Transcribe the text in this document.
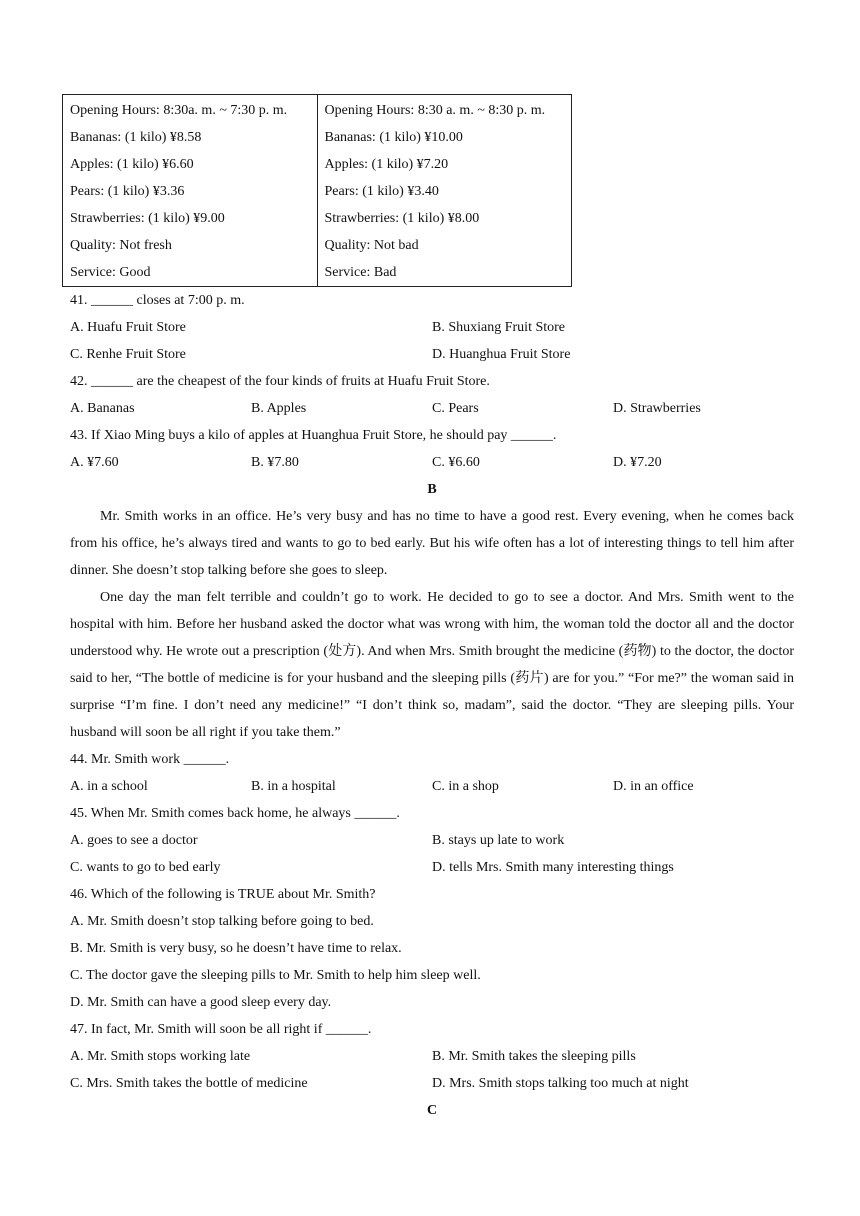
Opening Hours: 8:30a. m. ~ 7:30 p. m.
Bananas: (1 kilo) ¥8.58
Apples: (1 kilo) ¥6.60
Pears: (1 kilo) ¥3.36
Strawberries: (1 kilo) ¥9.00
Quality: Not fresh
Service: Good

Opening Hours: 8:30 a. m. ~ 8:30 p. m.
Bananas: (1 kilo) ¥10.00
Apples: (1 kilo) ¥7.20
Pears: (1 kilo) ¥3.40
Strawberries: (1 kilo) ¥8.00
Quality: Not bad
Service: Bad
41. ______ closes at 7:00 p. m.
A. Huafu Fruit Store	B. Shuxiang Fruit Store
C. Renhe Fruit Store	D. Huanghua Fruit Store
42. ______ are the cheapest of the four kinds of fruits at Huafu Fruit Store.
A. Bananas	B. Apples	C. Pears	D. Strawberries
43. If Xiao Ming buys a kilo of apples at Huanghua Fruit Store, he should pay ______.
A. ¥7.60	B. ¥7.80	C. ¥6.60	D. ¥7.20
B
Mr. Smith works in an office. He’s very busy and has no time to have a good rest. Every evening, when he comes back from his office, he’s always tired and wants to go to bed early. But his wife often has a lot of interesting things to tell him after dinner. She doesn’t stop talking before she goes to sleep.
One day the man felt terrible and couldn’t go to work. He decided to go to see a doctor. And Mrs. Smith went to the hospital with him. Before her husband asked the doctor what was wrong with him, the woman told the doctor all and the doctor understood why. He wrote out a prescription (处方). And when Mrs. Smith brought the medicine (药物) to the doctor, the doctor said to her, “The bottle of medicine is for your husband and the sleeping pills (药片) are for you.” “For me?” the woman said in surprise “I’m fine. I don’t need any medicine!” “I don’t think so, madam”, said the doctor. “They are sleeping pills. Your husband will soon be all right if you take them.”
44. Mr. Smith work ______.
A. in a school	B. in a hospital	C. in a shop	D. in an office
45. When Mr. Smith comes back home, he always ______.
A. goes to see a doctor	B. stays up late to work
C. wants to go to bed early	D. tells Mrs. Smith many interesting things
46. Which of the following is TRUE about Mr. Smith?
A. Mr. Smith doesn’t stop talking before going to bed.
B. Mr. Smith is very busy, so he doesn’t have time to relax.
C. The doctor gave the sleeping pills to Mr. Smith to help him sleep well.
D. Mr. Smith can have a good sleep every day.
47. In fact, Mr. Smith will soon be all right if ______.
A. Mr. Smith stops working late	B. Mr. Smith takes the sleeping pills
C. Mrs. Smith takes the bottle of medicine	D. Mrs. Smith stops talking too much at night
C
